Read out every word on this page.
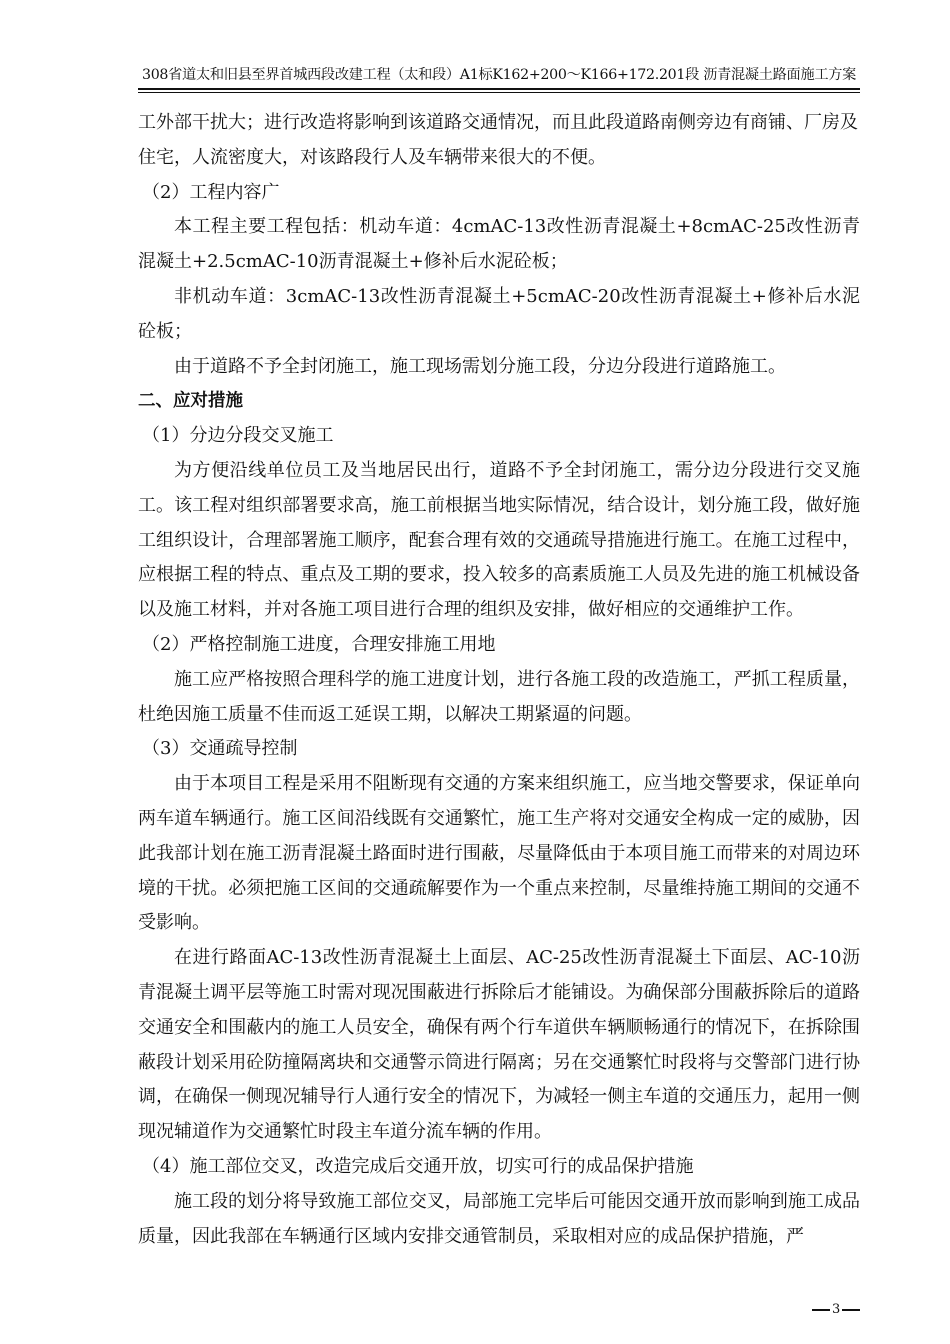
308省道太和旧县至界首城西段改建工程（太和段）A1标K162+200～K166+172.201段 沥青混凝土路面施工方案

工外部干扰大；进行改造将影响到该道路交通情况，而且此段道路南侧旁边有商铺、厂房及住宅，人流密度大，对该路段行人及车辆带来很大的不便。

（2）工程内容广

本工程主要工程包括：机动车道：4cmAC-13改性沥青混凝土+8cmAC-25改性沥青混凝土+2.5cmAC-10沥青混凝土+修补后水泥砼板；

非机动车道：3cmAC-13改性沥青混凝土+5cmAC-20改性沥青混凝土+修补后水泥砼板；

由于道路不予全封闭施工，施工现场需划分施工段，分边分段进行道路施工。

二、应对措施

（1）分边分段交叉施工

为方便沿线单位员工及当地居民出行，道路不予全封闭施工，需分边分段进行交叉施工。该工程对组织部署要求高，施工前根据当地实际情况，结合设计，划分施工段，做好施工组织设计，合理部署施工顺序，配套合理有效的交通疏导措施进行施工。在施工过程中，应根据工程的特点、重点及工期的要求，投入较多的高素质施工人员及先进的施工机械设备以及施工材料，并对各施工项目进行合理的组织及安排，做好相应的交通维护工作。

（2）严格控制施工进度，合理安排施工用地

施工应严格按照合理科学的施工进度计划，进行各施工段的改造施工，严抓工程质量，杜绝因施工质量不佳而返工延误工期，以解决工期紧逼的问题。

（3）交通疏导控制

由于本项目工程是采用不阻断现有交通的方案来组织施工，应当地交警要求，保证单向两车道车辆通行。施工区间沿线既有交通繁忙，施工生产将对交通安全构成一定的威胁，因此我部计划在施工沥青混凝土路面时进行围蔽，尽量降低由于本项目施工而带来的对周边环境的干扰。必须把施工区间的交通疏解要作为一个重点来控制，尽量维持施工期间的交通不受影响。

在进行路面AC-13改性沥青混凝土上面层、AC-25改性沥青混凝土下面层、AC-10沥青混凝土调平层等施工时需对现况围蔽进行拆除后才能铺设。为确保部分围蔽拆除后的道路交通安全和围蔽内的施工人员安全，确保有两个行车道供车辆顺畅通行的情况下，在拆除围蔽段计划采用砼防撞隔离块和交通警示筒进行隔离；另在交通繁忙时段将与交警部门进行协调，在确保一侧现况辅导行人通行安全的情况下，为减轻一侧主车道的交通压力，起用一侧现况辅道作为交通繁忙时段主车道分流车辆的作用。

（4）施工部位交叉，改造完成后交通开放，切实可行的成品保护措施

施工段的划分将导致施工部位交叉，局部施工完毕后可能因交通开放而影响到施工成品质量，因此我部在车辆通行区域内安排交通管制员，采取相对应的成品保护措施，严

3
